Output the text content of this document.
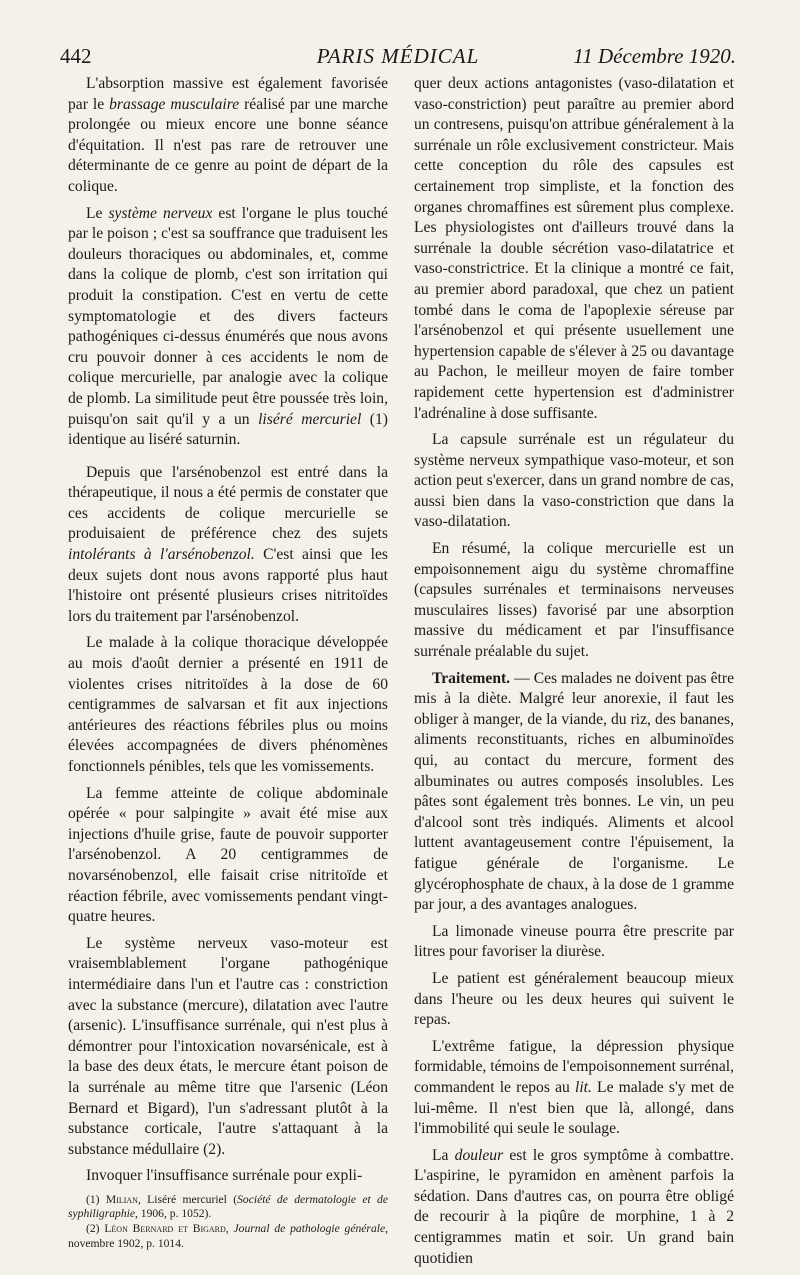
442	PARIS MÉDICAL	11 Décembre 1920.

L'absorption massive est également favorisée par le brassage musculaire réalisé par une marche prolongée ou mieux encore une bonne séance d'équitation. Il n'est pas rare de retrouver une déterminante de ce genre au point de départ de la colique.

Le système nerveux est l'organe le plus touché par le poison ; c'est sa souffrance que traduisent les douleurs thoraciques ou abdominales, et, comme dans la colique de plomb, c'est son irritation qui produit la constipation. C'est en vertu de cette symptomatologie et des divers facteurs pathogéniques ci-dessus énumérés que nous avons cru pouvoir donner à ces accidents le nom de colique mercurielle, par analogie avec la colique de plomb. La similitude peut être poussée très loin, puisqu'on sait qu'il y a un liséré mercuriel (1) identique au liséré saturnin.

Depuis que l'arsénobenzol est entré dans la thérapeutique, il nous a été permis de constater que ces accidents de colique mercurielle se produisaient de préférence chez des sujets intolérants à l'arsénobenzol. C'est ainsi que les deux sujets dont nous avons rapporté plus haut l'histoire ont présenté plusieurs crises nitritoïdes lors du traitement par l'arsénobenzol.

Le malade à la colique thoracique développée au mois d'août dernier a présenté en 1911 de violentes crises nitritoïdes à la dose de 60 centigrammes de salvarsan et fit aux injections antérieures des réactions fébriles plus ou moins élevées accompagnées de divers phénomènes fonctionnels pénibles, tels que les vomissements.

La femme atteinte de colique abdominale opérée « pour salpingite » avait été mise aux injections d'huile grise, faute de pouvoir supporter l'arsénobenzol. A 20 centigrammes de novarsénobenzol, elle faisait crise nitritoïde et réaction fébrile, avec vomissements pendant vingt-quatre heures.

Le système nerveux vaso-moteur est vraisemblablement l'organe pathogénique intermédiaire dans l'un et l'autre cas : constriction avec la substance (mercure), dilatation avec l'autre (arsenic). L'insuffisance surrénale, qui n'est plus à démontrer pour l'intoxication novarsénicale, est à la base des deux états, le mercure étant poison de la surrénale au même titre que l'arsenic (Léon Bernard et Bigard), l'un s'adressant plutôt à la substance corticale, l'autre s'attaquant à la substance médullaire (2).

Invoquer l'insuffisance surrénale pour expli-

(1) Milian, Liséré mercuriel (Société de dermatologie et de syphiligraphie, 1906, p. 1052).

(2) Léon Bernard et Bigard, Journal de pathologie générale, novembre 1902, p. 1014.

quer deux actions antagonistes (vaso-dilatation et vaso-constriction) peut paraître au premier abord un contresens, puisqu'on attribue généralement à la surrénale un rôle exclusivement constricteur. Mais cette conception du rôle des capsules est certainement trop simpliste, et la fonction des organes chromaffines est sûrement plus complexe. Les physiologistes ont d'ailleurs trouvé dans la surrénale la double sécrétion vaso-dilatatrice et vaso-constrictrice. Et la clinique a montré ce fait, au premier abord paradoxal, que chez un patient tombé dans le coma de l'apoplexie séreuse par l'arsénobenzol et qui présente usuellement une hypertension capable de s'élever à 25 ou davantage au Pachon, le meilleur moyen de faire tomber rapidement cette hypertension est d'administrer l'adrénaline à dose suffisante.

La capsule surrénale est un régulateur du système nerveux sympathique vaso-moteur, et son action peut s'exercer, dans un grand nombre de cas, aussi bien dans la vaso-constriction que dans la vaso-dilatation.

En résumé, la colique mercurielle est un empoisonnement aigu du système chromaffine (capsules surrénales et terminaisons nerveuses musculaires lisses) favorisé par une absorption massive du médicament et par l'insuffisance surrénale préalable du sujet.

Traitement. — Ces malades ne doivent pas être mis à la diète. Malgré leur anorexie, il faut les obliger à manger, de la viande, du riz, des bananes, aliments reconstituants, riches en albuminoïdes qui, au contact du mercure, forment des albuminates ou autres composés insolubles. Les pâtes sont également très bonnes. Le vin, un peu d'alcool sont très indiqués. Aliments et alcool luttent avantageusement contre l'épuisement, la fatigue générale de l'organisme. Le glycérophosphate de chaux, à la dose de 1 gramme par jour, a des avantages analogues.

La limonade vineuse pourra être prescrite par litres pour favoriser la diurèse.

Le patient est généralement beaucoup mieux dans l'heure ou les deux heures qui suivent le repas.

L'extrême fatigue, la dépression physique formidable, témoins de l'empoisonnement surrénal, commandent le repos au lit. Le malade s'y met de lui-même. Il n'est bien que là, allongé, dans l'immobilité qui seule le soulage.

La douleur est le gros symptôme à combattre. L'aspirine, le pyramidon en amènent parfois la sédation. Dans d'autres cas, on pourra être obligé de recourir à la piqûre de morphine, 1 à 2 centigrammes matin et soir. Un grand bain quotidien
